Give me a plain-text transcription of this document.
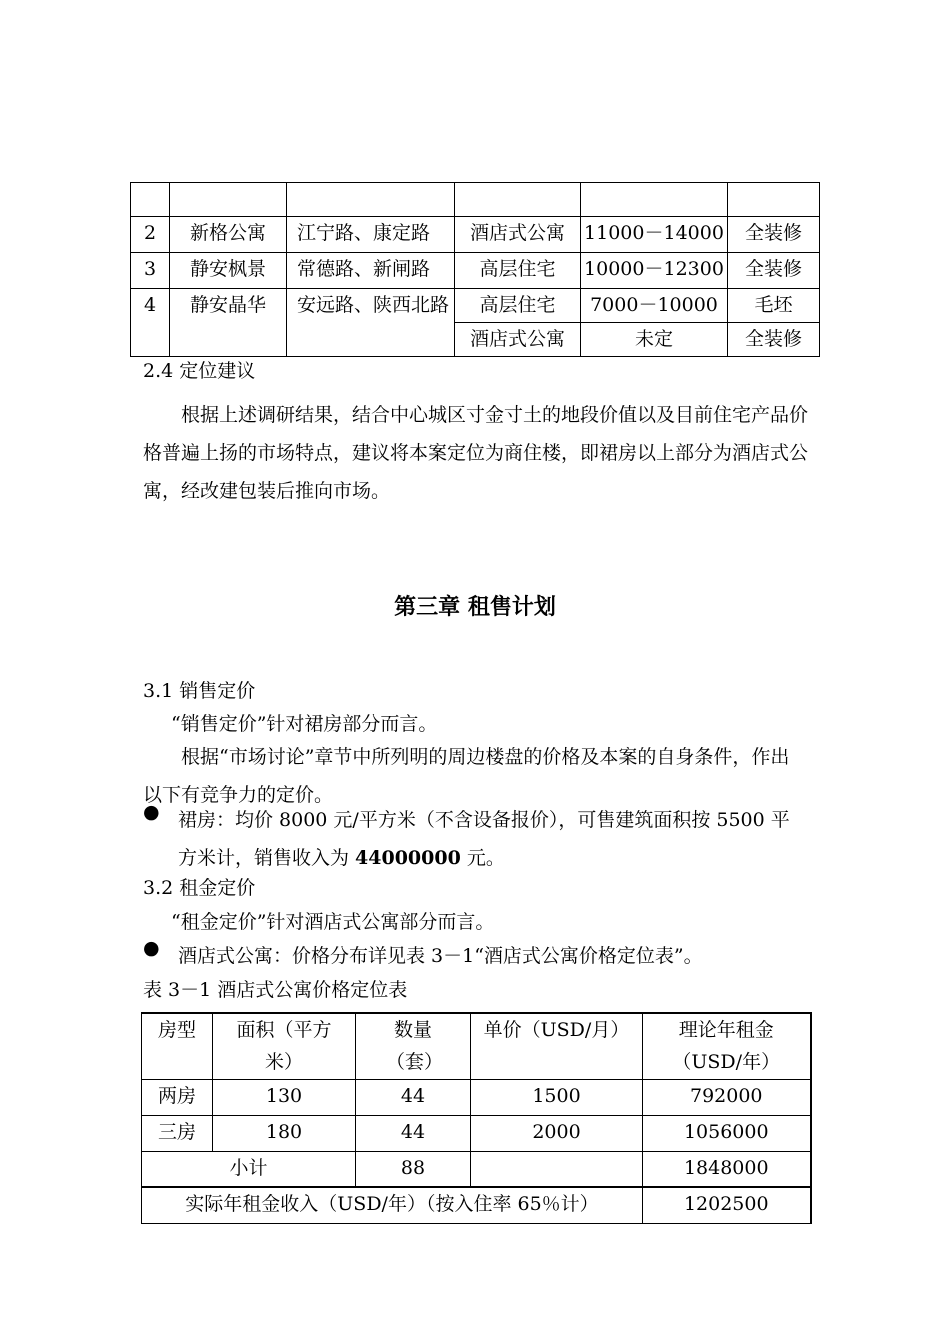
2	新格公寓	江宁路、康定路	酒店式公寓	11000－14000	全装修
3	静安枫景	常德路、新闸路	高层住宅	10000－12300	全装修
4	静安晶华	安远路、陕西北路	高层住宅	7000－10000	毛坯
			酒店式公寓	未定	全装修
2.4 定位建议
根据上述调研结果，结合中心城区寸金寸土的地段价值以及目前住宅产品价格普遍上扬的市场特点，建议将本案定位为商住楼，即裙房以上部分为酒店式公寓，经改建包装后推向市场。
第三章 租售计划
3.1 销售定价
“销售定价”针对裙房部分而言。
根据“市场讨论”章节中所列明的周边楼盘的价格及本案的自身条件，作出以下有竞争力的定价。
● 裙房：均价 8000 元/平方米（不含设备报价），可售建筑面积按 5500 平方米计，销售收入为 44000000 元。
3.2 租金定价
“租金定价”针对酒店式公寓部分而言。
● 酒店式公寓：价格分布详见表 3－1“酒店式公寓价格定位表”。
表 3－1 酒店式公寓价格定位表
房型	面积（平方米）	数量（套）	单价（USD/月）	理论年租金（USD/年）
两房	130	44	1500	792000
三房	180	44	2000	1056000
小计		88		1848000
实际年租金收入（USD/年）（按入住率 65％计）				1202500
